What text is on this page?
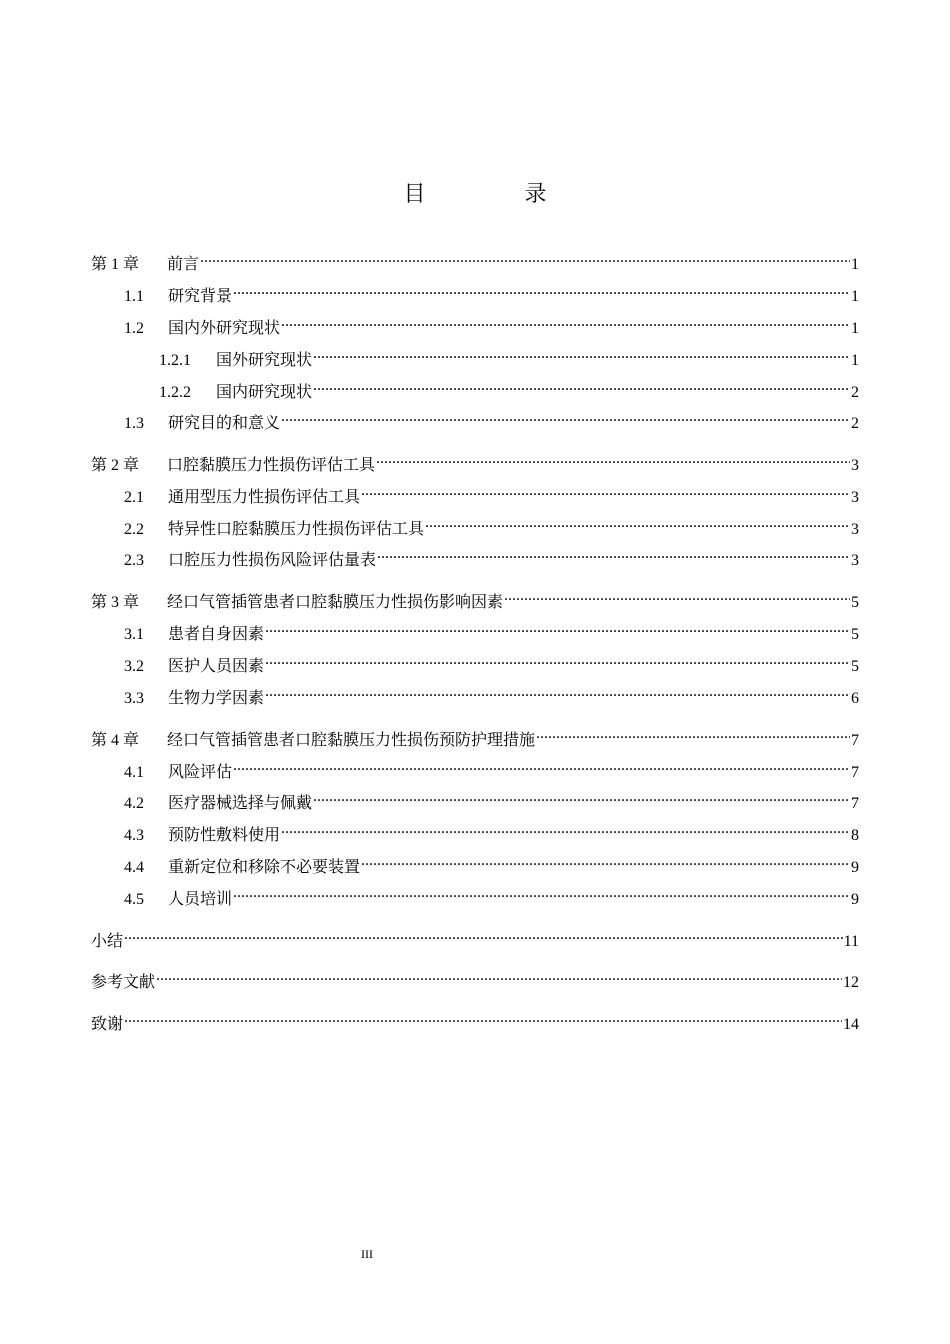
目 录
第 1 章	前言 .....	1
1.1	研究背景 .....	1
1.2	国内外研究现状 .....	1
1.2.1	国外研究现状 .....	1
1.2.2	国内研究现状 .....	2
1.3	研究目的和意义 .....	2
第 2 章	口腔黏膜压力性损伤评估工具 .....	3
2.1	通用型压力性损伤评估工具 .....	3
2.2	特异性口腔黏膜压力性损伤评估工具 .....	3
2.3	口腔压力性损伤风险评估量表 .....	3
第 3 章	经口气管插管患者口腔黏膜压力性损伤影响因素 .....	5
3.1	患者自身因素 .....	5
3.2	医护人员因素 .....	5
3.3	生物力学因素 .....	6
第 4 章	经口气管插管患者口腔黏膜压力性损伤预防护理措施 .....	7
4.1	风险评估 .....	7
4.2	医疗器械选择与佩戴 .....	7
4.3	预防性敷料使用 .....	8
4.4	重新定位和移除不必要装置 .....	9
4.5	人员培训 .....	9
小结 .....	11
参考文献 .....	12
致谢 .....	14
III
